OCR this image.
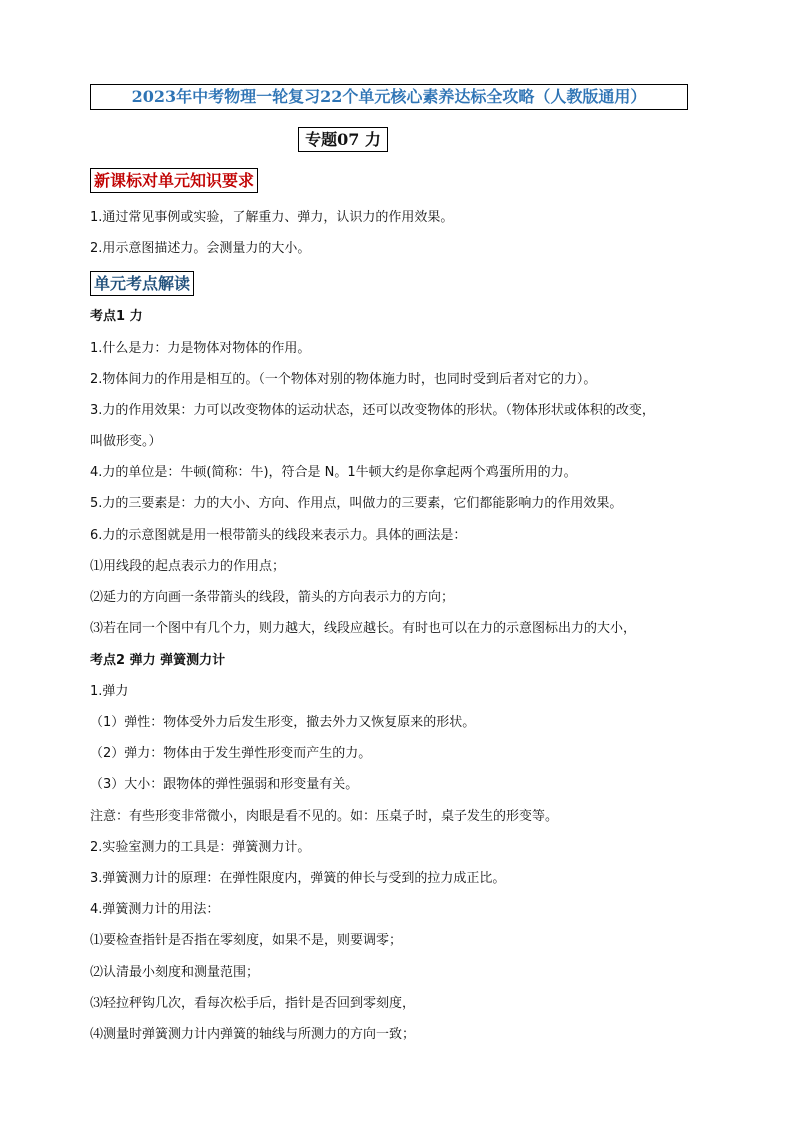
2023年中考物理一轮复习22个单元核心素养达标全攻略（人教版通用）
专题07 力
新课标对单元知识要求
1.通过常见事例或实验，了解重力、弹力，认识力的作用效果。
2.用示意图描述力。会测量力的大小。
单元考点解读
考点1 力
1.什么是力：力是物体对物体的作用。
2.物体间力的作用是相互的。（一个物体对别的物体施力时，也同时受到后者对它的力）。
3.力的作用效果：力可以改变物体的运动状态，还可以改变物体的形状。（物体形状或体积的改变，
叫做形变。）
4.力的单位是：牛顿(简称：牛)，符合是 N。1牛顿大约是你拿起两个鸡蛋所用的力。
5.力的三要素是：力的大小、方向、作用点，叫做力的三要素，它们都能影响力的作用效果。
6.力的示意图就是用一根带箭头的线段来表示力。具体的画法是：
⑴用线段的起点表示力的作用点；
⑵延力的方向画一条带箭头的线段，箭头的方向表示力的方向；
⑶若在同一个图中有几个力，则力越大，线段应越长。有时也可以在力的示意图标出力的大小，
考点2 弹力 弹簧测力计
1.弹力
（1）弹性：物体受外力后发生形变，撤去外力又恢复原来的形状。
（2）弹力：物体由于发生弹性形变而产生的力。
（3）大小：跟物体的弹性强弱和形变量有关。
注意：有些形变非常微小，肉眼是看不见的。如：压桌子时，桌子发生的形变等。
2.实验室测力的工具是：弹簧测力计。
3.弹簧测力计的原理：在弹性限度内，弹簧的伸长与受到的拉力成正比。
4.弹簧测力计的用法：
⑴要检查指针是否指在零刻度，如果不是，则要调零；
⑵认清最小刻度和测量范围；
⑶轻拉秤钩几次，看每次松手后，指针是否回到零刻度，
⑷测量时弹簧测力计内弹簧的轴线与所测力的方向一致；
